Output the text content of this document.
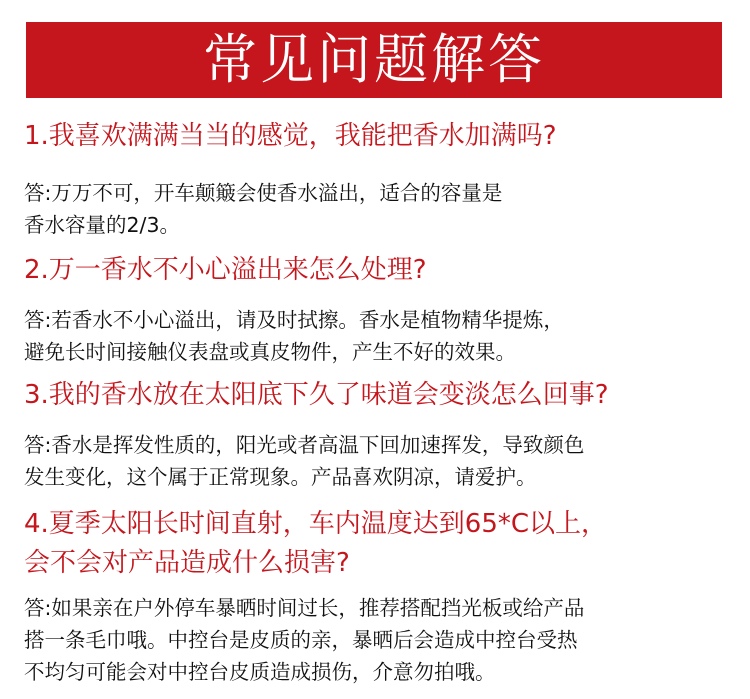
常见问题解答
1.我喜欢满满当当的感觉，我能把香水加满吗?
答:万万不可，开车颠簸会使香水溢出，适合的容量是
香水容量的2/3。
2.万一香水不小心溢出来怎么处理?
答:若香水不小心溢出，请及时拭擦。香水是植物精华提炼，
避免长时间接触仪表盘或真皮物件，产生不好的效果。
3.我的香水放在太阳底下久了味道会变淡怎么回事?
答:香水是挥发性质的，阳光或者高温下回加速挥发，导致颜色
发生变化，这个属于正常现象。产品喜欢阴凉，请爱护。
4.夏季太阳长时间直射，车内温度达到65*C以上，
会不会对产品造成什么损害?
答:如果亲在户外停车暴晒时间过长，推荐搭配挡光板或给产品
搭一条毛巾哦。中控台是皮质的亲，暴晒后会造成中控台受热
不均匀可能会对中控台皮质造成损伤，介意勿拍哦。
